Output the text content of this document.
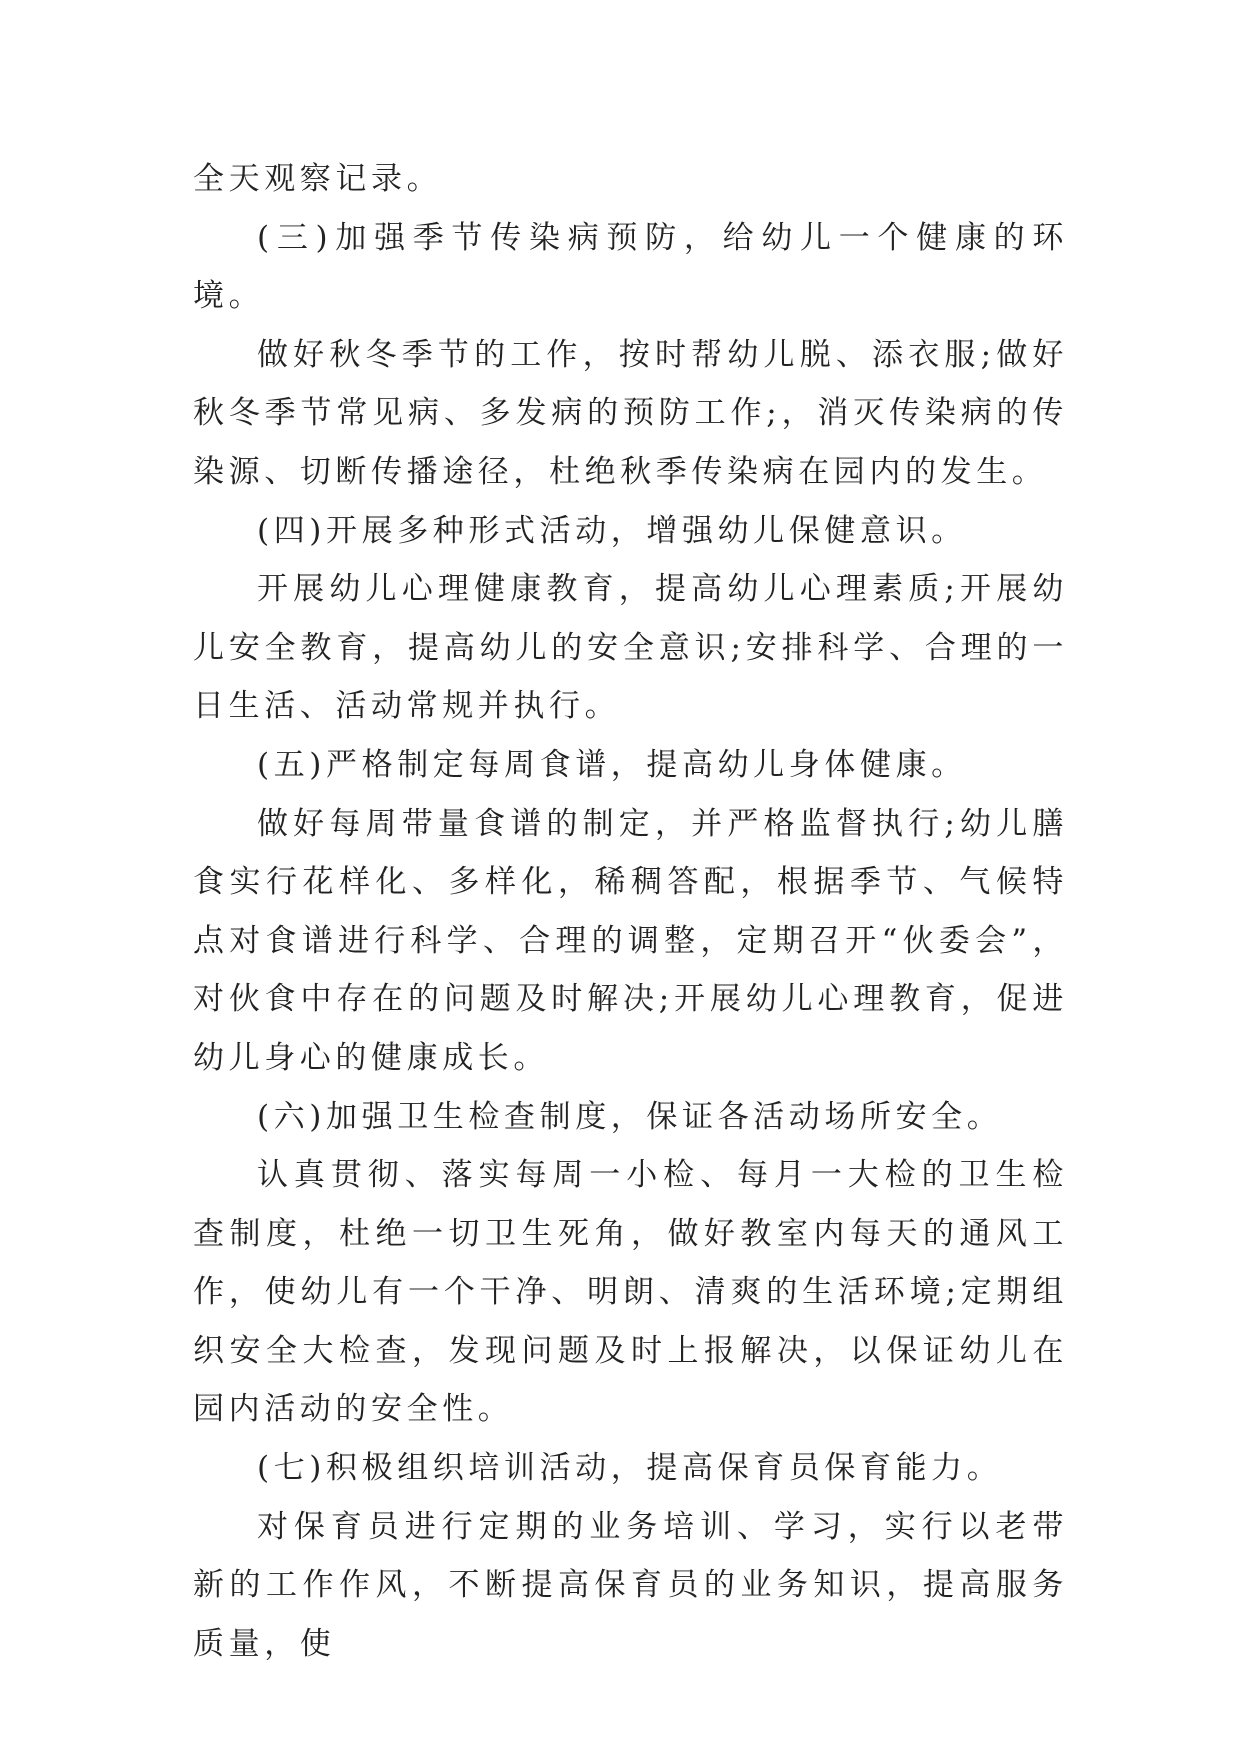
全天观察记录。

(三)加强季节传染病预防，给幼儿一个健康的环境。

做好秋冬季节的工作，按时帮幼儿脱、添衣服;做好秋冬季节常见病、多发病的预防工作;，消灭传染病的传染源、切断传播途径，杜绝秋季传染病在园内的发生。

(四)开展多种形式活动，增强幼儿保健意识。

开展幼儿心理健康教育，提高幼儿心理素质;开展幼儿安全教育，提高幼儿的安全意识;安排科学、合理的一日生活、活动常规并执行。

(五)严格制定每周食谱，提高幼儿身体健康。

做好每周带量食谱的制定，并严格监督执行;幼儿膳食实行花样化、多样化，稀稠答配，根据季节、气候特点对食谱进行科学、合理的调整，定期召开“伙委会”，对伙食中存在的问题及时解决;开展幼儿心理教育，促进幼儿身心的健康成长。

(六)加强卫生检查制度，保证各活动场所安全。

认真贯彻、落实每周一小检、每月一大检的卫生检查制度，杜绝一切卫生死角，做好教室内每天的通风工作，使幼儿有一个干净、明朗、清爽的生活环境;定期组织安全大检查，发现问题及时上报解决，以保证幼儿在园内活动的安全性。

(七)积极组织培训活动，提高保育员保育能力。

对保育员进行定期的业务培训、学习，实行以老带新的工作作风，不断提高保育员的业务知识，提高服务质量，使
